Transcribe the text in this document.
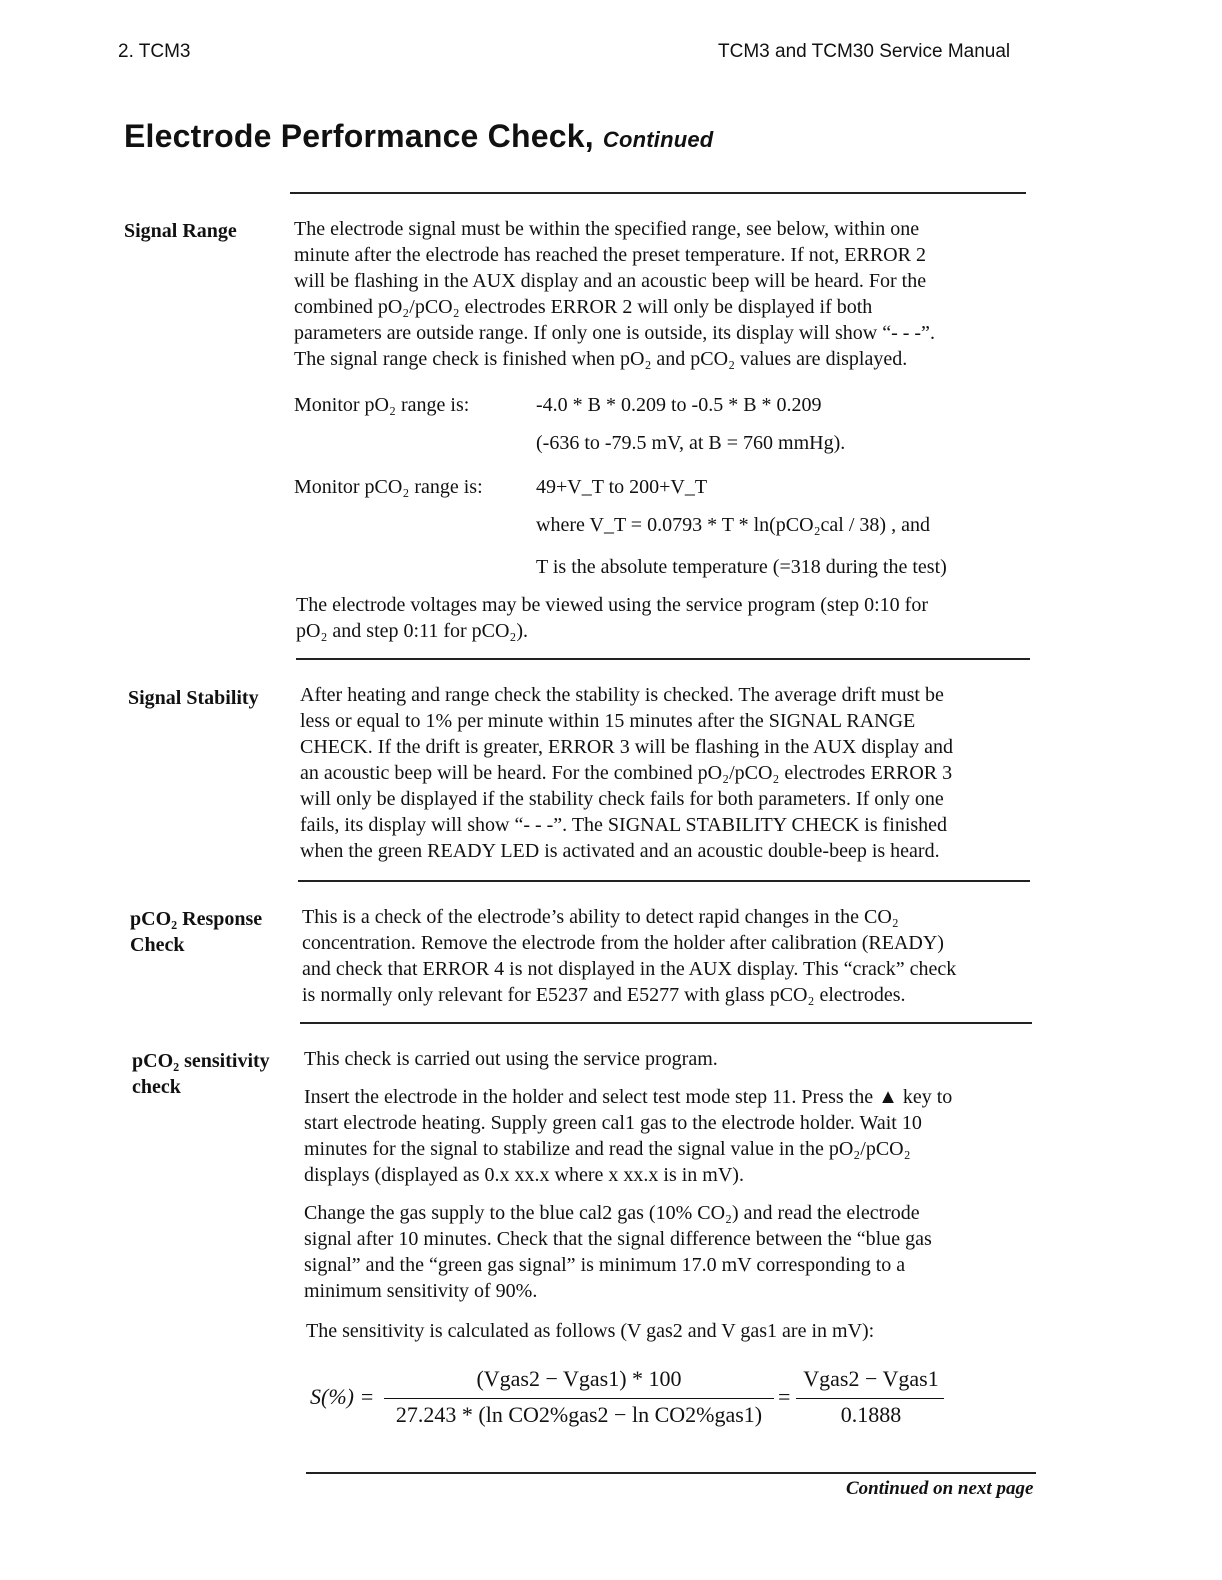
2. TCM3	TCM3 and TCM30 Service Manual
Electrode Performance Check, Continued
Signal Range	The electrode signal must be within the specified range, see below, within one

minute after the electrode has reached the preset temperature. If not, ERROR 2

will be flashing in the AUX display and an acoustic beep will be heard. For the

combined pO₂/pCO₂ electrodes ERROR 2 will only be displayed if both

parameters are outside range. If only one is outside, its display will show “- - -”.

The signal range check is finished when pO₂ and pCO₂ values are displayed.

Monitor pO₂ range is:	-4.0 * B * 0.209 to -0.5 * B * 0.209
(-636 to -79.5 mV, at B = 760 mmHg).
Monitor pCO₂ range is:	49+V_T to 200+V_T
where V_T = 0.0793 * T * ln(pCO₂cal / 38) , and
T is the absolute temperature (=318 during the test)

The electrode voltages may be viewed using the service program (step 0:10 for

pO₂ and step 0:11 for pCO₂).

Signal Stability After heating and range check the stability is checked. The average drift must be

less or equal to 1% per minute within 15 minutes after the SIGNAL RANGE

CHECK. If the drift is greater, ERROR 3 will be flashing in the AUX display and

an acoustic beep will be heard. For the combined pO₂/pCO₂ electrodes ERROR 3

will only be displayed if the stability check fails for both parameters. If only one

fails, its display will show “- - -”. The SIGNAL STABILITY CHECK is finished

when the green READY LED is activated and an acoustic double-beep is heard.

pCO₂ Response
Check

This is a check of the electrode’s ability to detect rapid changes in the CO₂

concentration. Remove the electrode from the holder after calibration (READY)

and check that ERROR 4 is not displayed in the AUX display. This “crack” check

is normally only relevant for E5237 and E5277 with glass pCO₂ electrodes.

pCO₂ sensitivity
check

This check is carried out using the service program.

Insert the electrode in the holder and select test mode step 11. Press the ▲ key to

start electrode heating. Supply green cal1 gas to the electrode holder. Wait 10

minutes for the signal to stabilize and read the signal value in the pO₂/pCO₂

displays (displayed as 0.x xx.x where x xx.x is in mV).

Change the gas supply to the blue cal2 gas (10% CO₂) and read the electrode

signal after 10 minutes. Check that the signal difference between the “blue gas

signal” and the “green gas signal” is minimum 17.0 mV corresponding to a

minimum sensitivity of 90%.

The sensitivity is calculated as follows (V gas2 and V gas1 are in mV):

S(%) =
(Vgas2 − Vgas1) * 100
27.243 * (ln CO2%gas2 − ln CO2%gas1)
=
Vgas2 − Vgas1
0.1888
Continued on next page
